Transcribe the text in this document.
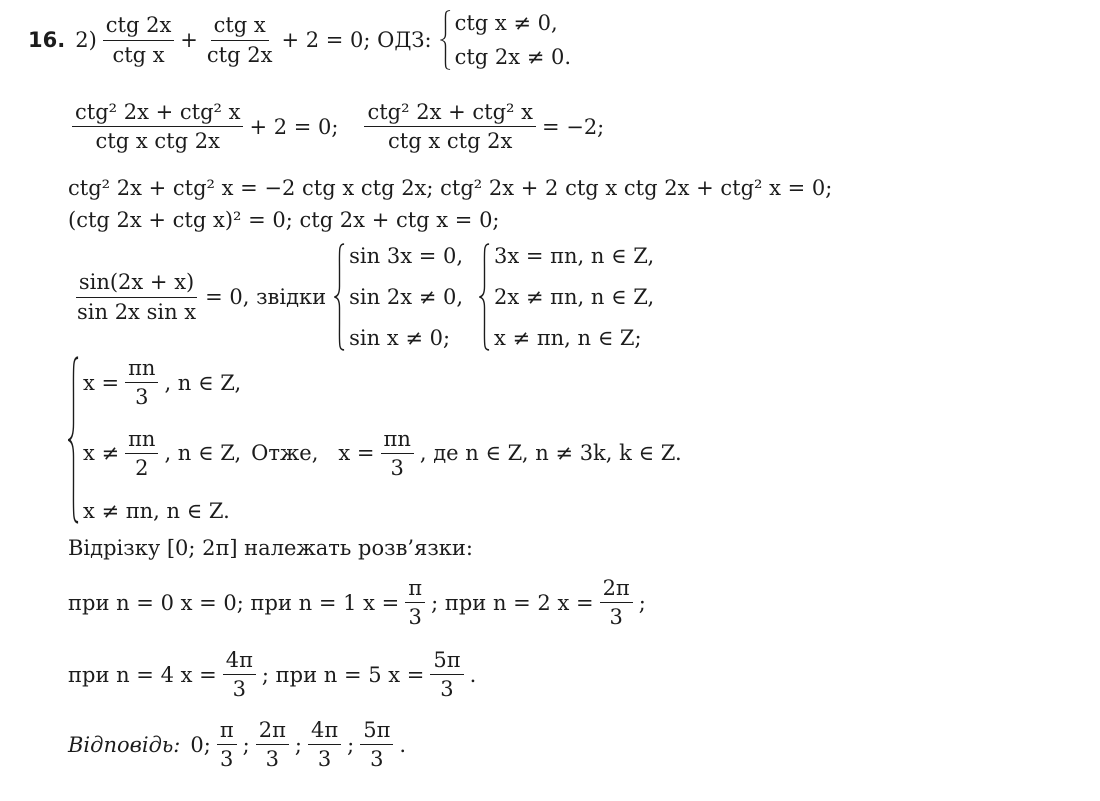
16. $2) \frac{\text{ctg 2x}}{\text{ctg x}} + \frac{\text{ctg x}}{\text{ctg 2x}} + 2 = 0$; ОДЗ:
ctg x ≠ 0,
ctg 2x ≠ 0.
$\frac{\text{ctg² 2x + ctg² x}}{\text{ctg x ctg 2x}} + 2 = 0$; $\frac{\text{ctg² 2x + ctg² x}}{\text{ctg x ctg 2x}} = -2$;
ctg² 2x + ctg² x = −2 ctg x ctg 2x; ctg² 2x + 2 ctg x ctg 2x + ctg² x = 0;
(ctg 2x + ctg x)² = 0; ctg 2x + ctg x = 0;
$\frac{\sin(2x + x)}{\text{sin 2x sin x}} = 0$, звідки
sin 3x = 0,
sin 2x ≠ 0,
sin x ≠ 0;
3x = πn, n ∈ Z,
2x ≠ πn, n ∈ Z,
x ≠ πn, n ∈ Z;
$x = \frac{\pi n}{3}$ , n ∈ Z,
$x \ne \frac{\pi n}{2}$ , n ∈ Z, Отже, $x = \frac{\pi n}{3}$ , де n ∈ Z, n ≠ 3k, k ∈ Z.
x ≠ πn, n ∈ Z.
Відрізку [0; 2π] належать розв’язки:
при n = 0 x = 0; при n = 1 $x = \frac{\pi}{3}$ ; при n = 2 $x = \frac{2\pi}{3}$ ;
при n = 4 $x = \frac{4\pi}{3}$ ; при n = 5 $x = \frac{5\pi}{3}$ .
Відповідь: 0; $\frac{\pi}{3}$ ; $\frac{2\pi}{3}$ ; $\frac{4\pi}{3}$ ; $\frac{5\pi}{3}$ .
